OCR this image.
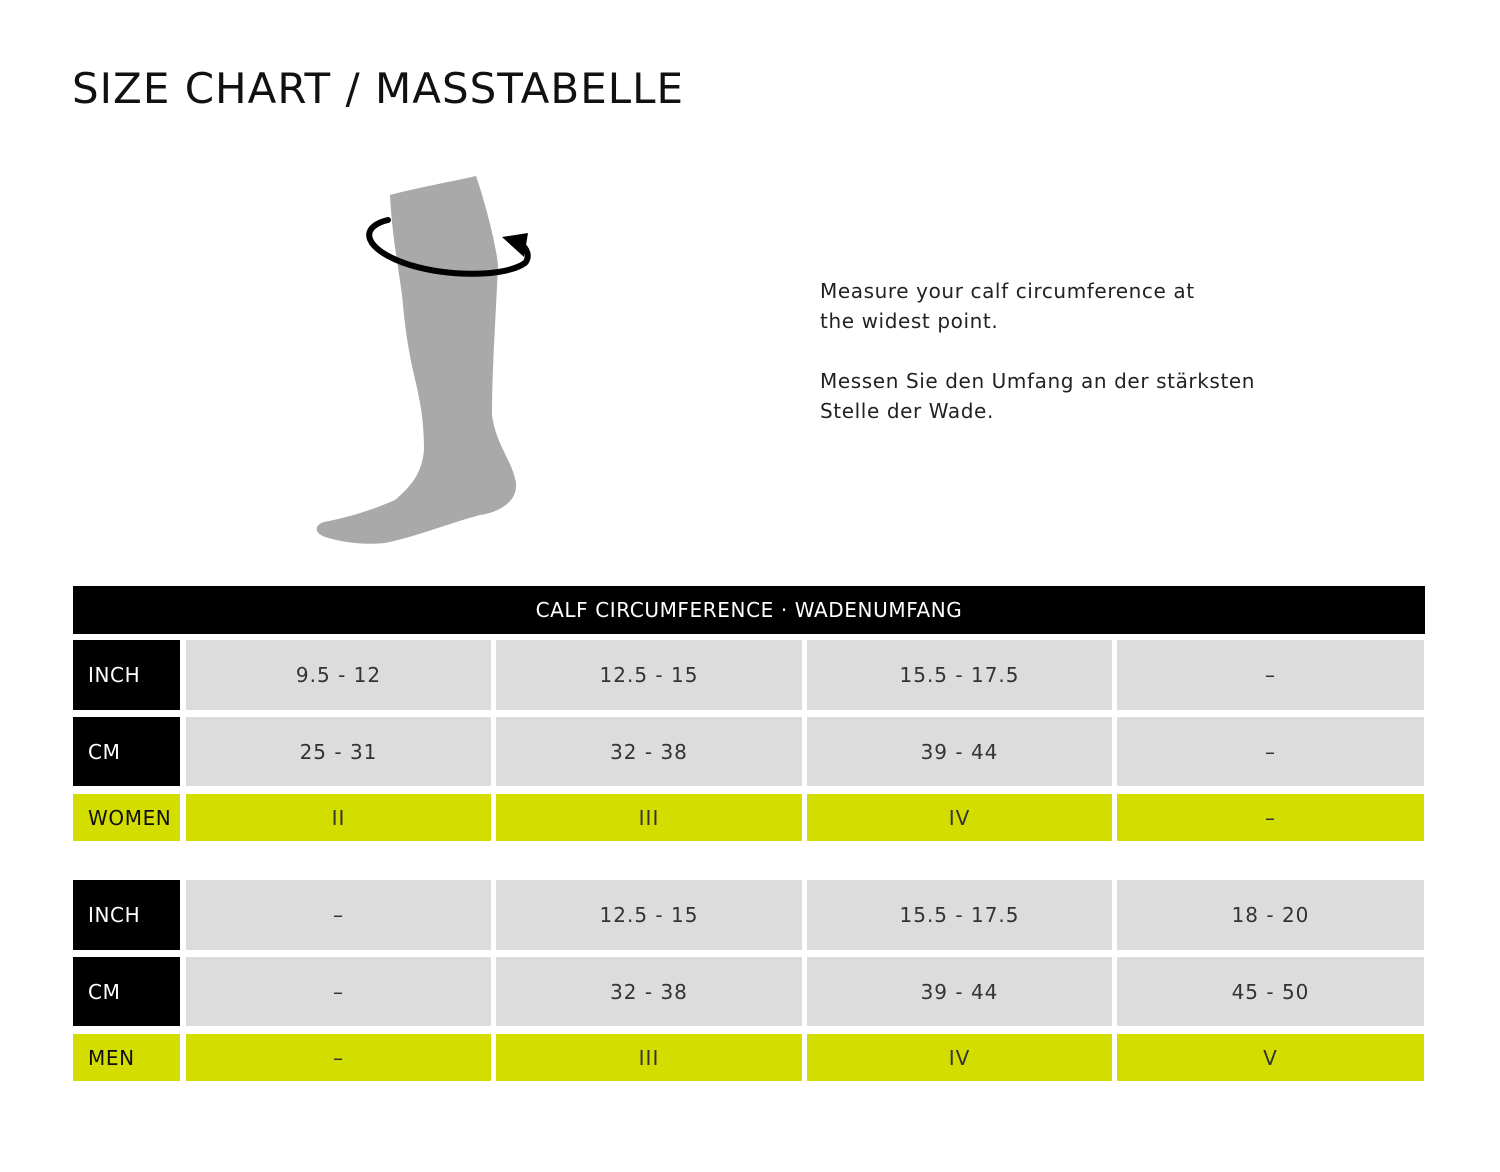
SIZE CHART / MASSTABELLE

Measure your calf circumference at
the widest point.

Messen Sie den Umfang an der stärksten
Stelle der Wade.

CALF CIRCUMFERENCE · WADENUMFANG
INCH	9.5 - 12	12.5 - 15	15.5 - 17.5	–
CM	25 - 31	32 - 38	39 - 44	–
WOMEN	II	III	IV	–
INCH	–	12.5 - 15	15.5 - 17.5	18 - 20
CM	–	32 - 38	39 - 44	45 - 50
MEN	–	III	IV	V
